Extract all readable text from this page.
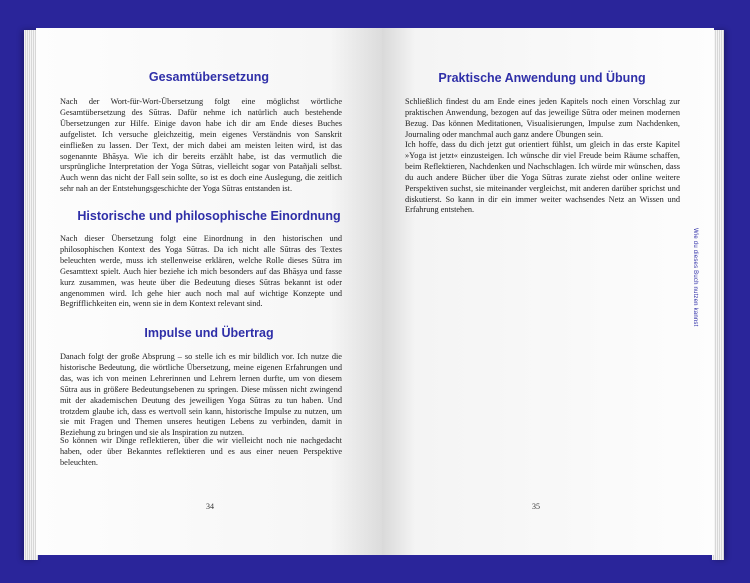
Gesamtübersetzung

Nach der Wort-für-Wort-Übersetzung folgt eine möglichst wörtliche Gesamtübersetzung des Sūtras. Dafür nehme ich natürlich auch bestehende Übersetzungen zur Hilfe. Einige davon habe ich dir am Ende dieses Buches aufgelistet. Ich versuche gleichzeitig, mein eigenes Verständnis von Sanskrit einfließen zu lassen. Der Text, der mich dabei am meisten leiten wird, ist das sogenannte Bhāṣya. Wie ich dir bereits erzählt habe, ist das vermutlich die ursprüngliche Interpretation der Yoga Sūtras, vielleicht sogar von Patañjali selbst. Auch wenn das nicht der Fall sein sollte, so ist es doch eine Auslegung, die zeitlich sehr nah an der Entstehungsgeschichte der Yoga Sūtras entstanden ist.

Historische und philosophische Einordnung

Nach dieser Übersetzung folgt eine Einordnung in den historischen und philosophischen Kontext des Yoga Sūtras. Da ich nicht alle Sūtras des Textes beleuchten werde, muss ich stellenweise erklären, welche Rolle dieses Sūtra im Gesamttext spielt. Auch hier beziehe ich mich besonders auf das Bhāṣya und fasse kurz zusammen, was heute über die Bedeutung dieses Sūtras bekannt ist oder angenommen wird. Ich gehe hier auch noch mal auf wichtige Konzepte und Begrifflichkeiten ein, wenn sie in dem Kontext relevant sind.

Impulse und Übertrag

Danach folgt der große Absprung – so stelle ich es mir bildlich vor. Ich nutze die historische Bedeutung, die wörtliche Übersetzung, meine eigenen Erfahrungen und das, was ich von meinen Lehrerinnen und Lehrern lernen durfte, um von diesem Sūtra aus in größere Bedeutungsebenen zu springen. Diese müssen nicht zwingend mit der akademischen Deutung des jeweiligen Yoga Sūtras zu tun haben. Und trotzdem glaube ich, dass es wertvoll sein kann, historische Impulse zu nutzen, um sie mit Fragen und Themen unseres heutigen Lebens zu verbinden, damit in Beziehung zu bringen und sie als Inspiration zu nutzen.

So können wir Dinge reflektieren, über die wir vielleicht noch nie nachgedacht haben, oder über Bekanntes reflektieren und es aus einer neuen Perspektive beleuchten.

34
Praktische Anwendung und Übung

Schließlich findest du am Ende eines jeden Kapitels noch einen Vorschlag zur praktischen Anwendung, bezogen auf das jeweilige Sūtra oder meinen modernen Bezug. Das können Meditationen, Visualisierungen, Impulse zum Nachdenken, Journaling oder manchmal auch ganz andere Übungen sein.

Ich hoffe, dass du dich jetzt gut orientiert fühlst, um gleich in das erste Kapitel »Yoga ist jetzt« einzusteigen. Ich wünsche dir viel Freude beim Räume schaffen, beim Reflektieren, Nachdenken und Nachschlagen. Ich würde mir wünschen, dass du auch andere Bücher über die Yoga Sūtras zurate ziehst oder online weitere Perspektiven suchst, sie miteinander vergleichst, mit anderen darüber sprichst und diskutierst. So kann in dir ein immer weiter wachsendes Netz an Wissen und Erfahrung entstehen.

Wie du dieses Buch nutzen kannst
35
